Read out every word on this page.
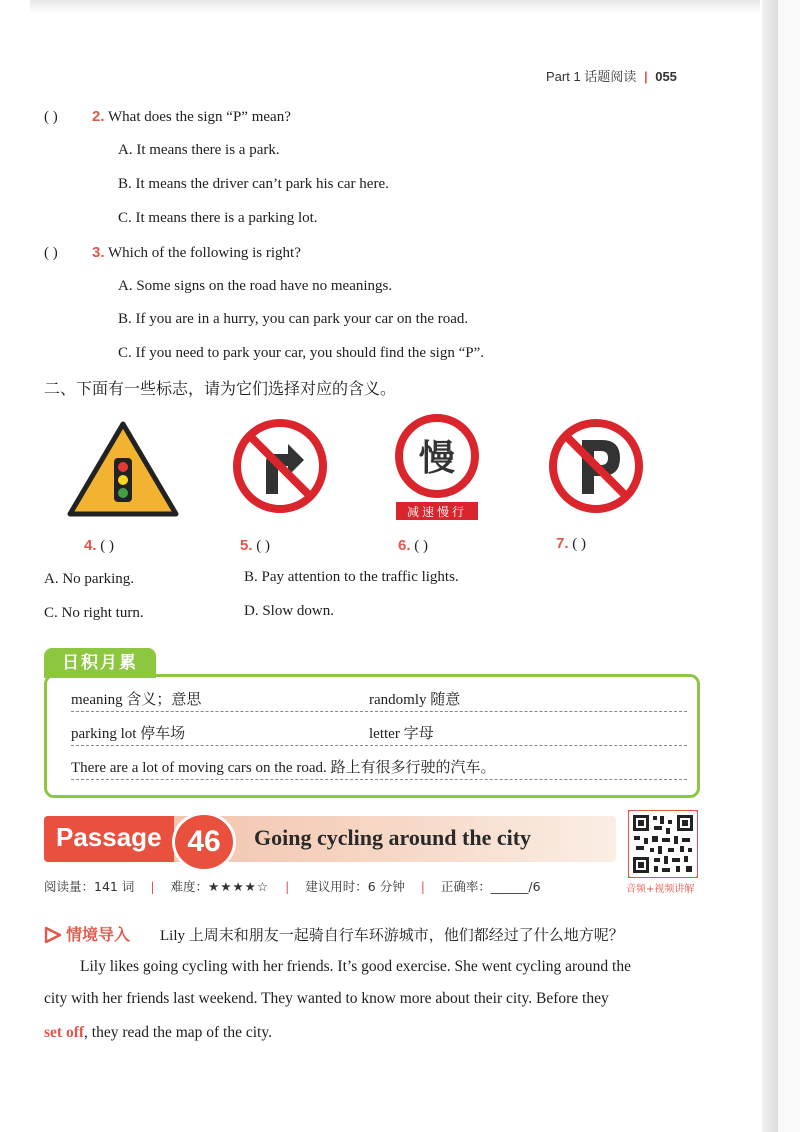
Part 1 话题阅读 | 055
( ) 2. What does the sign “P” mean?
A. It means there is a park.
B. It means the driver can’t park his car here.
C. It means there is a parking lot.
( ) 3. Which of the following is right?
A. Some signs on the road have no meanings.
B. If you are in a hurry, you can park your car on the road.
C. If you need to park your car, you should find the sign “P”.
二、下面有一些标志，请为它们选择对应的含义。
慢
减速慢行
4. ( )	5. ( )	6. ( )	7. ( )
A. No parking.	B. Pay attention to the traffic lights.
C. No right turn.	D. Slow down.
meaning 含义；意思	randomly 随意
parking lot 停车场	letter 字母
There are a lot of moving cars on the road. 路上有很多行驶的汽车。
日积月累
Passage 46	Going cycling around the city
音频+视频讲解
阅读量：141 词 | 难度：★★★★☆ | 建议用时：6 分钟 | 正确率：______/6
情境导入 Lily 上周末和朋友一起骑自行车环游城市，他们都经过了什么地方呢？
Lily likes going cycling with her friends. It’s good exercise. She went cycling around the
city with her friends last weekend. They wanted to know more about their city. Before they
set off, they read the map of the city.
